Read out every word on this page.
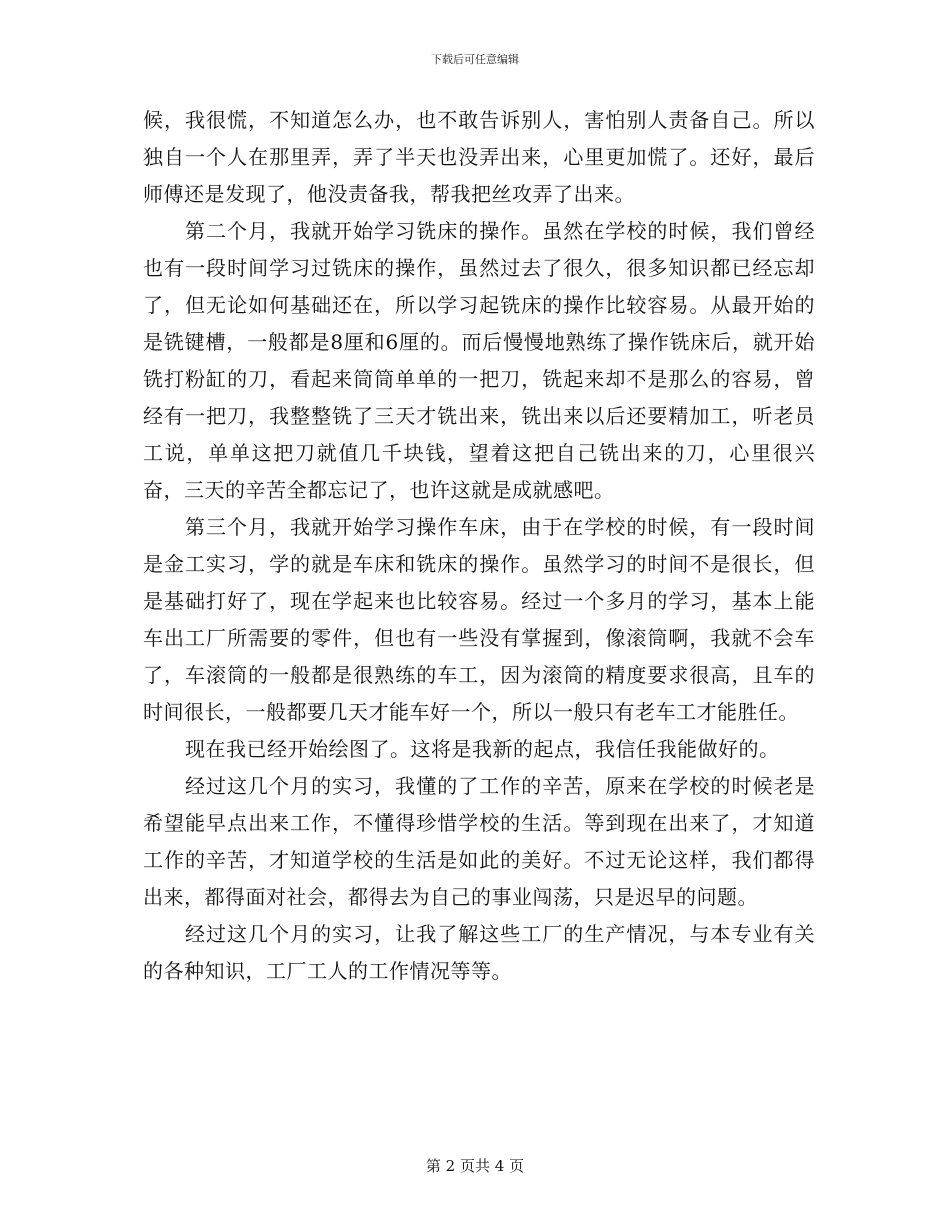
下载后可任意编辑

候，我很慌，不知道怎么办，也不敢告诉别人，害怕别人责备自己。所以独自一个人在那里弄，弄了半天也没弄出来，心里更加慌了。还好，最后师傅还是发现了，他没责备我，帮我把丝攻弄了出来。

第二个月，我就开始学习铣床的操作。虽然在学校的时候，我们曾经也有一段时间学习过铣床的操作，虽然过去了很久，很多知识都已经忘却了，但无论如何基础还在，所以学习起铣床的操作比较容易。从最开始的是铣键槽，一般都是8厘和6厘的。而后慢慢地熟练了操作铣床后，就开始铣打粉缸的刀，看起来筒筒单单的一把刀，铣起来却不是那么的容易，曾经有一把刀，我整整铣了三天才铣出来，铣出来以后还要精加工，听老员工说，单单这把刀就值几千块钱，望着这把自己铣出来的刀，心里很兴奋，三天的辛苦全都忘记了，也许这就是成就感吧。

第三个月，我就开始学习操作车床，由于在学校的时候，有一段时间是金工实习，学的就是车床和铣床的操作。虽然学习的时间不是很长，但是基础打好了，现在学起来也比较容易。经过一个多月的学习，基本上能车出工厂所需要的零件，但也有一些没有掌握到，像滚筒啊，我就不会车了，车滚筒的一般都是很熟练的车工，因为滚筒的精度要求很高，且车的时间很长，一般都要几天才能车好一个，所以一般只有老车工才能胜任。

现在我已经开始绘图了。这将是我新的起点，我信任我能做好的。

经过这几个月的实习，我懂的了工作的辛苦，原来在学校的时候老是希望能早点出来工作，不懂得珍惜学校的生活。等到现在出来了，才知道工作的辛苦，才知道学校的生活是如此的美好。不过无论这样，我们都得出来，都得面对社会，都得去为自己的事业闯荡，只是迟早的问题。

经过这几个月的实习，让我了解这些工厂的生产情况，与本专业有关的各种知识，工厂工人的工作情况等等。

第 2 页共 4 页
